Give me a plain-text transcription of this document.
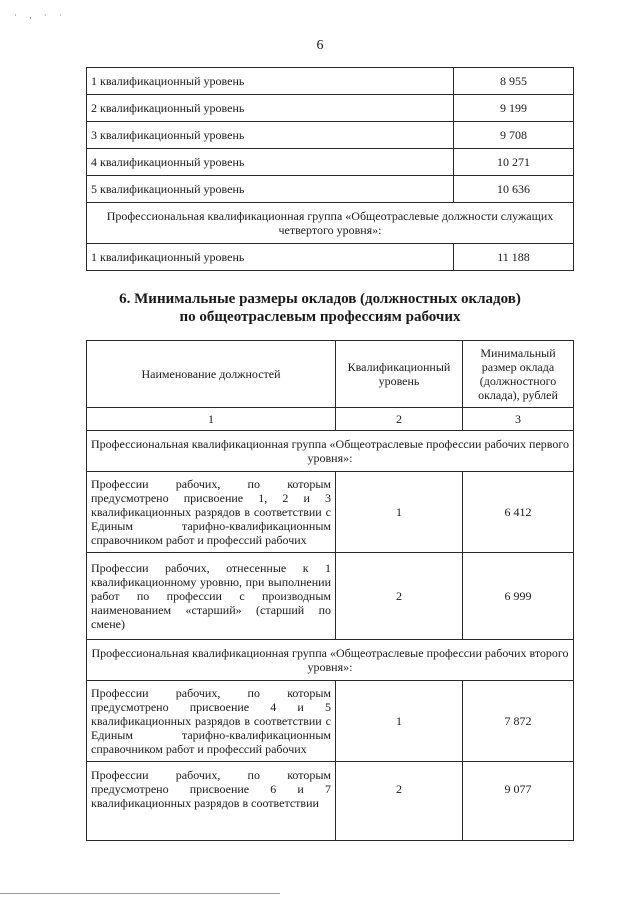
· , · ·
6
1 квалификационный уровень	8 955
2 квалификационный уровень	9 199
3 квалификационный уровень	9 708
4 квалификационный уровень	10 271
5 квалификационный уровень	10 636
Профессиональная квалификационная группа «Общеотраслевые должности служащих четвертого уровня»:	
1 квалификационный уровень	11 188
6. Минимальные размеры окладов (должностных окладов)
по общеотраслевым профессиям рабочих
Наименование должностей	Квалификационный уровень	Минимальный размер оклада (должностного оклада), рублей
1	2	3
Профессиональная квалификационная группа «Общеотраслевые профессии рабочих первого уровня»:		
Профессии рабочих, по которым предусмотрено присвоение 1, 2 и 3 квалификационных разрядов в соответствии с Единым тарифно-квалификационным справочником работ и профессий рабочих	1	6 412
Профессии рабочих, отнесенные к 1 квалификационному уровню, при выполнении работ по профессии с производным наименованием «старший» (старший по смене)	2	6 999
Профессиональная квалификационная группа «Общеотраслевые профессии рабочих второго уровня»:		
Профессии рабочих, по которым предусмотрено присвоение 4 и 5 квалификационных разрядов в соответствии с Единым тарифно-квалификационным справочником работ и профессий рабочих	1	7 872
Профессии рабочих, по которым предусмотрено присвоение 6 и 7 квалификационных разрядов в соответствии	2	9 077
